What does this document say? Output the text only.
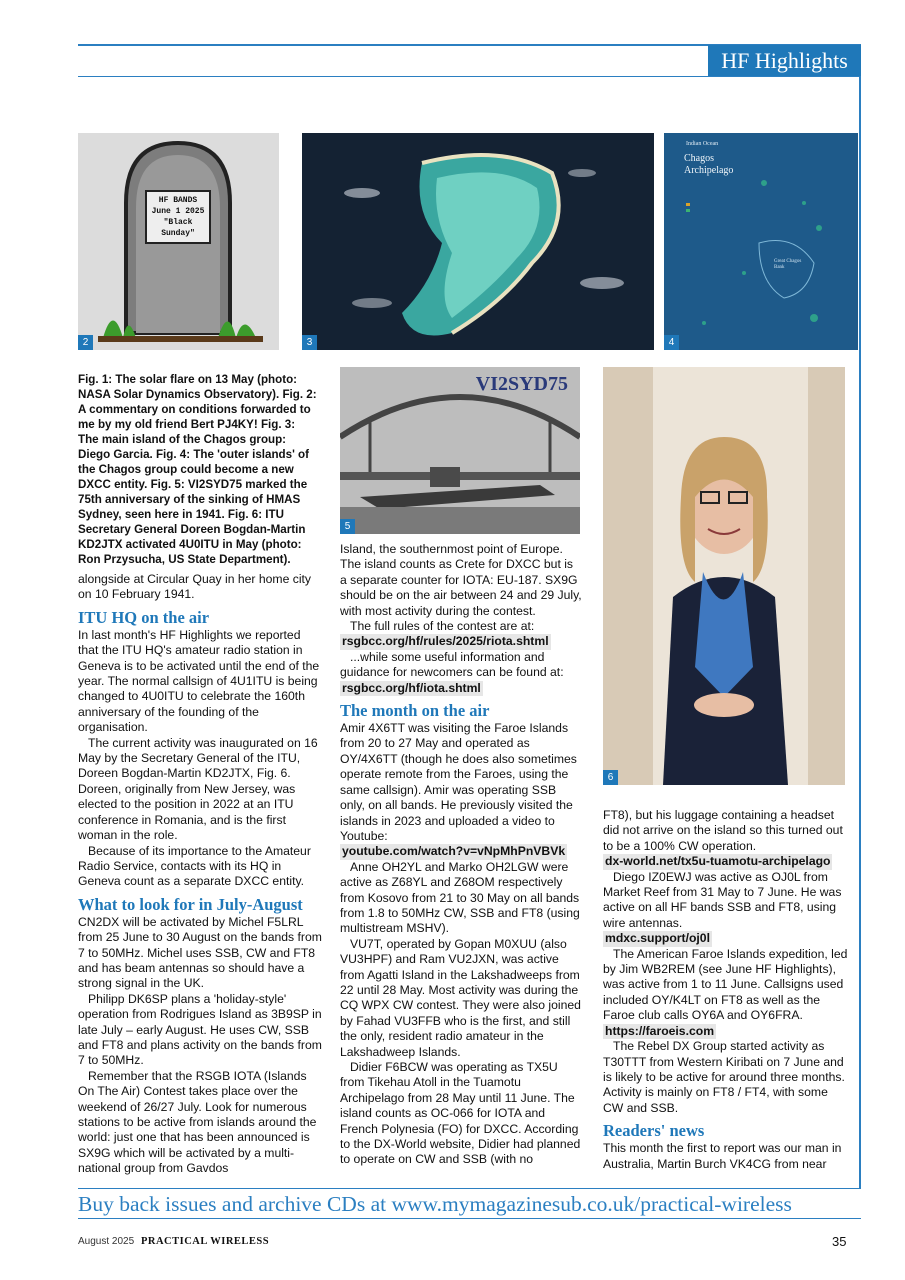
HF Highlights
HF BANDS
June 1 2025
"Black Sunday"
2	3
Indian Ocean
Chagos Archipelago
Great Chagos Bank
4

Fig. 1: The solar flare on 13 May (photo: NASA Solar Dynamics Observatory). Fig. 2: A commentary on conditions forwarded to me by my old friend Bert PJ4KY! Fig. 3: The main island of the Chagos group: Diego Garcia. Fig. 4: The 'outer islands' of the Chagos group could become a new DXCC entity. Fig. 5: VI2SYD75 marked the 75th anniversary of the sinking of HMAS Sydney, seen here in 1941. Fig. 6: ITU Secretary General Doreen Bogdan-Martin KD2JTX activated 4U0ITU in May (photo: Ron Przysucha, US State Department).

VI2SYD75
5
6

alongside at Circular Quay in her home city on 10 February 1941.

ITU HQ on the air

In last month's HF Highlights we reported that the ITU HQ's amateur radio station in Geneva is to be activated until the end of the year. The normal callsign of 4U1ITU is being changed to 4U0ITU to celebrate the 160th anniversary of the founding of the organisation.

The current activity was inaugurated on 16 May by the Secretary General of the ITU, Doreen Bogdan-Martin KD2JTX, Fig. 6. Doreen, originally from New Jersey, was elected to the position in 2022 at an ITU conference in Romania, and is the first woman in the role.

Because of its importance to the Amateur Radio Service, contacts with its HQ in Geneva count as a separate DXCC entity.

What to look for in July-August

CN2DX will be activated by Michel F5LRL from 25 June to 30 August on the bands from 7 to 50MHz. Michel uses SSB, CW and FT8 and has beam antennas so should have a strong signal in the UK.

Philipp DK6SP plans a 'holiday-style' operation from Rodrigues Island as 3B9SP in late July – early August. He uses CW, SSB and FT8 and plans activity on the bands from 7 to 50MHz.

Remember that the RSGB IOTA (Islands On The Air) Contest takes place over the weekend of 26/27 July. Look for numerous stations to be active from islands around the world: just one that has been announced is SX9G which will be activated by a multi-national group from Gavdos

Island, the southernmost point of Europe. The island counts as Crete for DXCC but is a separate counter for IOTA: EU-187. SX9G should be on the air between 24 and 29 July, with most activity during the contest.

The full rules of the contest are at:

rsgbcc.org/hf/rules/2025/riota.shtml

...while some useful information and guidance for newcomers can be found at:

rsgbcc.org/hf/iota.shtml

The month on the air

Amir 4X6TT was visiting the Faroe Islands from 20 to 27 May and operated as OY/4X6TT (though he does also sometimes operate remote from the Faroes, using the same callsign). Amir was operating SSB only, on all bands. He previously visited the islands in 2023 and uploaded a video to Youtube:

youtube.com/watch?v=vNpMhPnVBVk

Anne OH2YL and Marko OH2LGW were active as Z68YL and Z68OM respectively from Kosovo from 21 to 30 May on all bands from 1.8 to 50MHz CW, SSB and FT8 (using multistream MSHV).

VU7T, operated by Gopan M0XUU (also VU3HPF) and Ram VU2JXN, was active from Agatti Island in the Lakshadweeps from 22 until 28 May. Most activity was during the CQ WPX CW contest. They were also joined by Fahad VU3FFB who is the first, and still the only, resident radio amateur in the Lakshadweep Islands.

Didier F6BCW was operating as TX5U from Tikehau Atoll in the Tuamotu Archipelago from 28 May until 11 June. The island counts as OC-066 for IOTA and French Polynesia (FO) for DXCC. According to the DX-World website, Didier had planned to operate on CW and SSB (with no

FT8), but his luggage containing a headset did not arrive on the island so this turned out to be a 100% CW operation.

dx-world.net/tx5u-tuamotu-archipelago

Diego IZ0EWJ was active as OJ0L from Market Reef from 31 May to 7 June. He was active on all HF bands SSB and FT8, using wire antennas.

mdxc.support/oj0l

The American Faroe Islands expedition, led by Jim WB2REM (see June HF Highlights), was active from 1 to 11 June. Callsigns used included OY/K4LT on FT8 as well as the Faroe club calls OY6A and OY6FRA.

https://faroeis.com

The Rebel DX Group started activity as T30TTT from Western Kiribati on 7 June and is likely to be active for around three months. Activity is mainly on FT8 / FT4, with some CW and SSB.

Readers' news

This month the first to report was our man in Australia, Martin Burch VK4CG from near

Buy back issues and archive CDs at www.mymagazinesub.co.uk/practical-wireless
August 2025 PRACTICAL WIRELESS	35
